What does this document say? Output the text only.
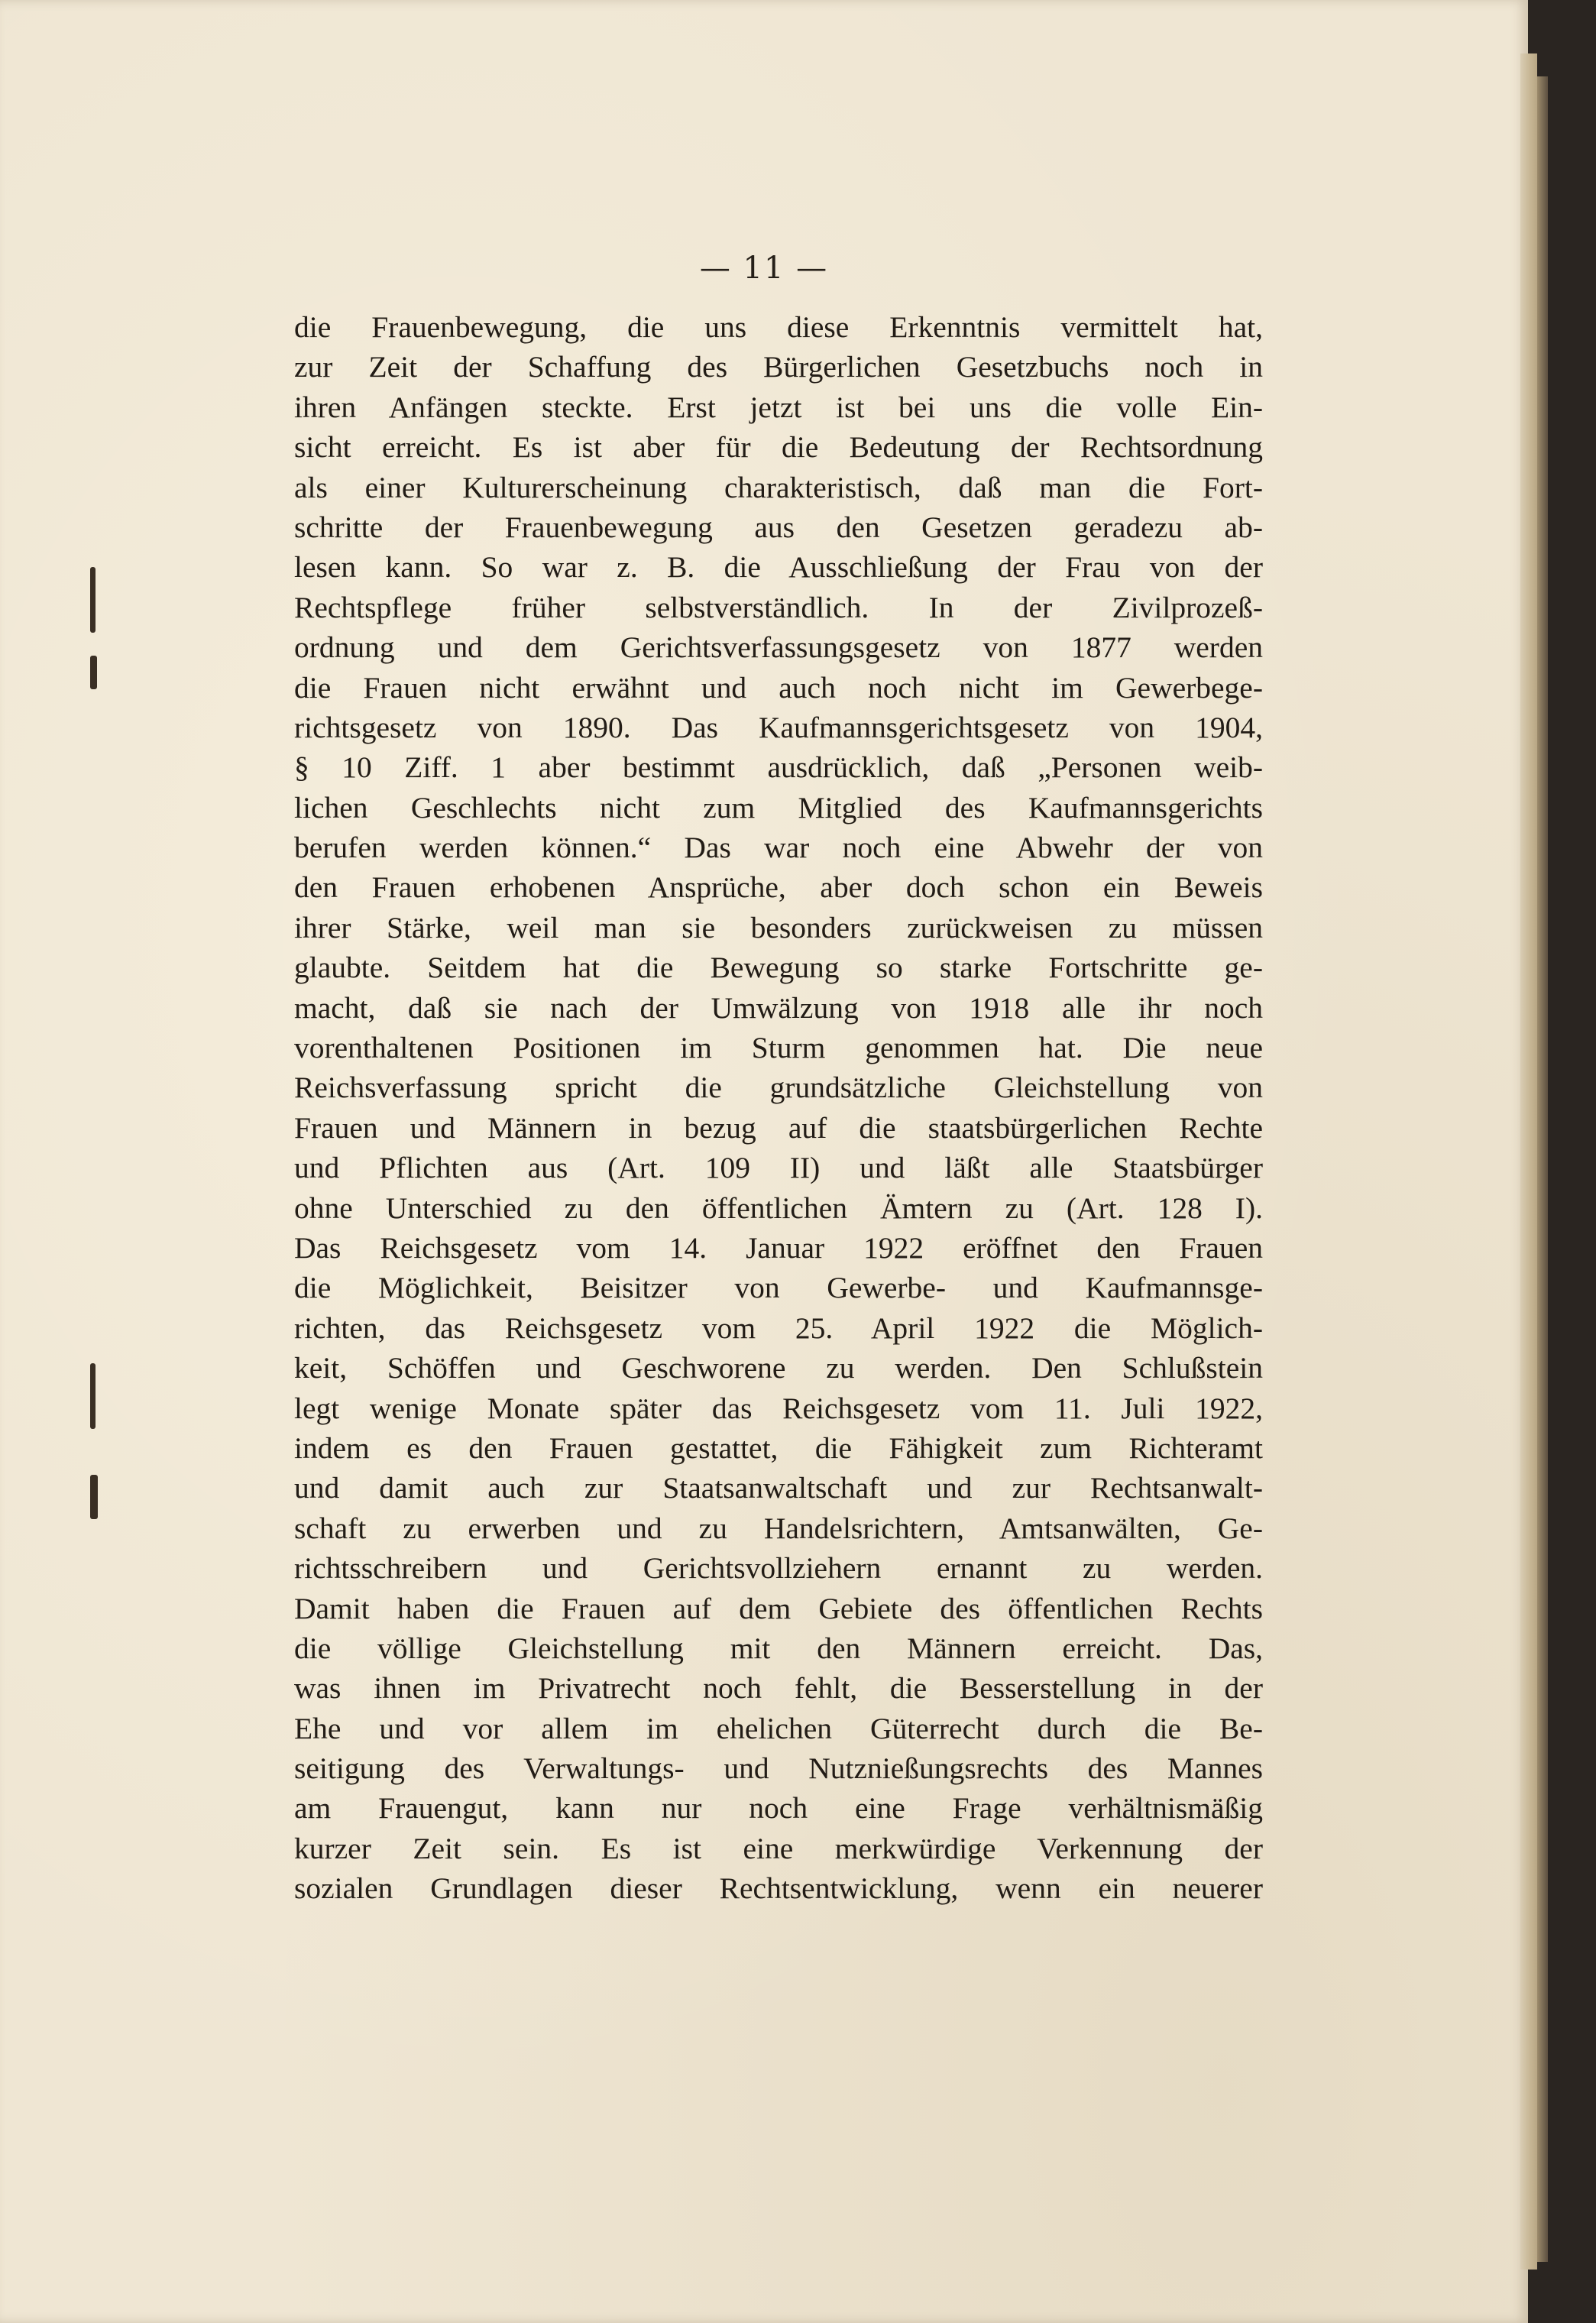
— 11 —
die Frauenbewegung, die uns diese Erkenntnis vermittelt hat,
zur Zeit der Schaffung des Bürgerlichen Gesetzbuchs noch in
ihren Anfängen steckte. Erst jetzt ist bei uns die volle Ein-
sicht erreicht. Es ist aber für die Bedeutung der Rechtsordnung
als einer Kulturerscheinung charakteristisch, daß man die Fort-
schritte der Frauenbewegung aus den Gesetzen geradezu ab-
lesen kann. So war z. B. die Ausschließung der Frau von der
Rechtspflege früher selbstverständlich. In der Zivilprozeß-
ordnung und dem Gerichtsverfassungsgesetz von 1877 werden
die Frauen nicht erwähnt und auch noch nicht im Gewerbege-
richtsgesetz von 1890. Das Kaufmannsgerichtsgesetz von 1904,
§ 10 Ziff. 1 aber bestimmt ausdrücklich, daß „Personen weib-
lichen Geschlechts nicht zum Mitglied des Kaufmannsgerichts
berufen werden können.“ Das war noch eine Abwehr der von
den Frauen erhobenen Ansprüche, aber doch schon ein Beweis
ihrer Stärke, weil man sie besonders zurückweisen zu müssen
glaubte. Seitdem hat die Bewegung so starke Fortschritte ge-
macht, daß sie nach der Umwälzung von 1918 alle ihr noch
vorenthaltenen Positionen im Sturm genommen hat. Die neue
Reichsverfassung spricht die grundsätzliche Gleichstellung von
Frauen und Männern in bezug auf die staatsbürgerlichen Rechte
und Pflichten aus (Art. 109 II) und läßt alle Staatsbürger
ohne Unterschied zu den öffentlichen Ämtern zu (Art. 128 I).
Das Reichsgesetz vom 14. Januar 1922 eröffnet den Frauen
die Möglichkeit, Beisitzer von Gewerbe- und Kaufmannsge-
richten, das Reichsgesetz vom 25. April 1922 die Möglich-
keit, Schöffen und Geschworene zu werden. Den Schlußstein
legt wenige Monate später das Reichsgesetz vom 11. Juli 1922,
indem es den Frauen gestattet, die Fähigkeit zum Richteramt
und damit auch zur Staatsanwaltschaft und zur Rechtsanwalt-
schaft zu erwerben und zu Handelsrichtern, Amtsanwälten, Ge-
richtsschreibern und Gerichtsvollziehern ernannt zu werden.
Damit haben die Frauen auf dem Gebiete des öffentlichen Rechts
die völlige Gleichstellung mit den Männern erreicht. Das,
was ihnen im Privatrecht noch fehlt, die Besserstellung in der
Ehe und vor allem im ehelichen Güterrecht durch die Be-
seitigung des Verwaltungs- und Nutznießungsrechts des Mannes
am Frauengut, kann nur noch eine Frage verhältnismäßig
kurzer Zeit sein. Es ist eine merkwürdige Verkennung der
sozialen Grundlagen dieser Rechtsentwicklung, wenn ein neuerer
